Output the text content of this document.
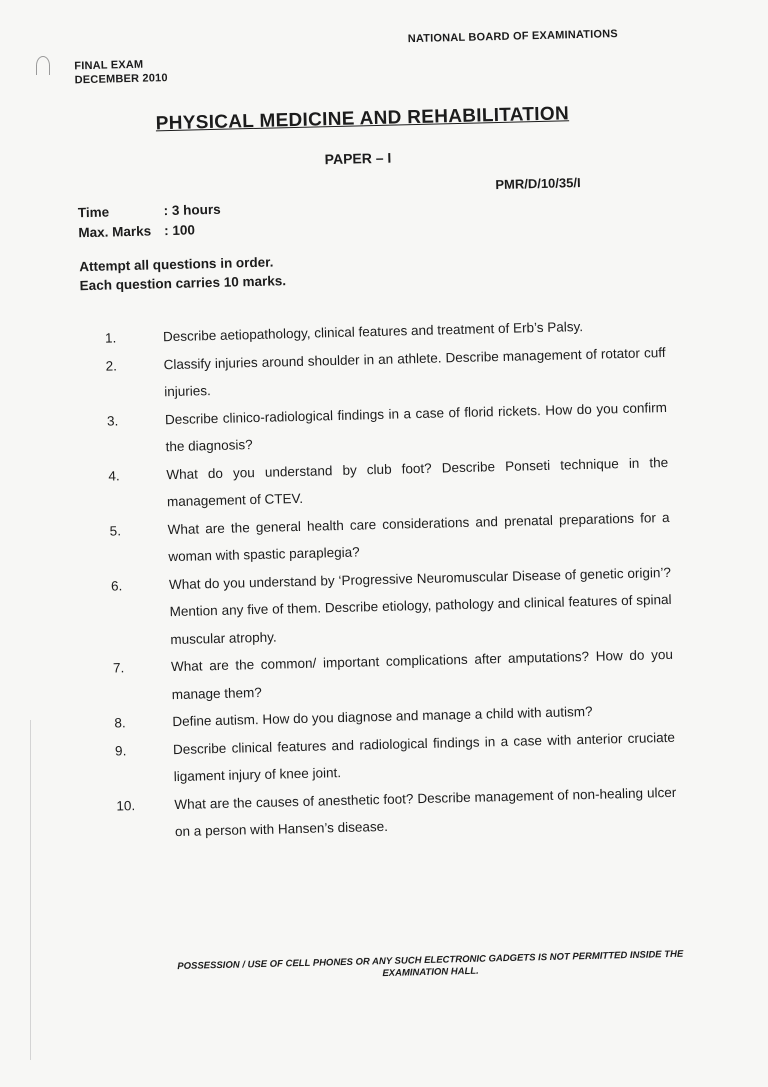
FINAL EXAM
DECEMBER 2010
NATIONAL BOARD OF EXAMINATIONS
PHYSICAL MEDICINE AND REHABILITATION
PAPER – I
PMR/D/10/35/I
Time	: 3 hours
Max. Marks : 100
Attempt all questions in order.
Each question carries 10 marks.
1.	Describe aetiopathology, clinical features and treatment of Erb’s Palsy.
2.	Classify injuries around shoulder in an athlete. Describe management of rotator cuff injuries.
3.	Describe clinico-radiological findings in a case of florid rickets. How do you confirm the diagnosis?
4.	What do you understand by club foot? Describe Ponseti technique in the management of CTEV.
5.	What are the general health care considerations and prenatal preparations for a woman with spastic paraplegia?
6.	What do you understand by ‘Progressive Neuromuscular Disease of genetic origin’? Mention any five of them. Describe etiology, pathology and clinical features of spinal muscular atrophy.
7.	What are the common/ important complications after amputations? How do you manage them?
8.	Define autism. How do you diagnose and manage a child with autism?
9.	Describe clinical features and radiological findings in a case with anterior cruciate ligament injury of knee joint.
10.	What are the causes of anesthetic foot? Describe management of non-healing ulcer on a person with Hansen’s disease.
POSSESSION / USE OF CELL PHONES OR ANY SUCH ELECTRONIC GADGETS IS NOT PERMITTED INSIDE THE EXAMINATION HALL.
